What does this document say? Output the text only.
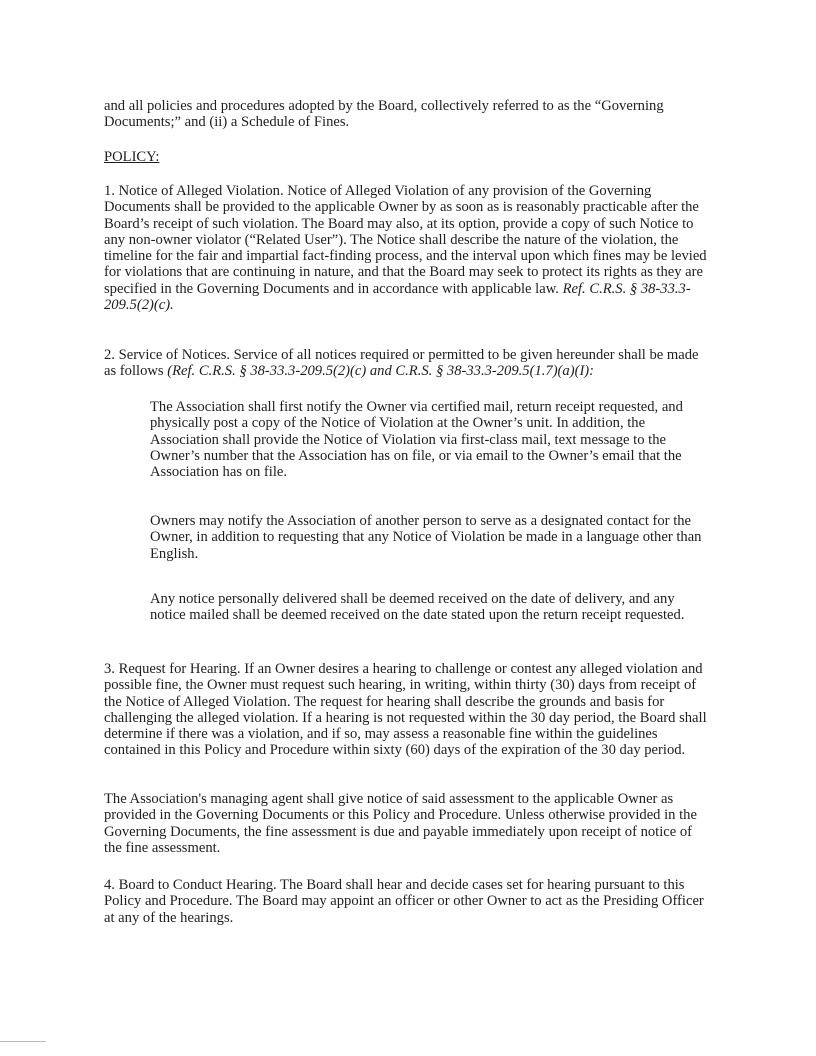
and all policies and procedures adopted by the Board, collectively referred to as the “Governing Documents;” and (ii) a Schedule of Fines.

POLICY:

1. Notice of Alleged Violation. Notice of Alleged Violation of any provision of the Governing Documents shall be provided to the applicable Owner by as soon as is reasonably practicable after the Board’s receipt of such violation. The Board may also, at its option, provide a copy of such Notice to any non-owner violator (“Related User”). The Notice shall describe the nature of the violation, the timeline for the fair and impartial fact-finding process, and the interval upon which fines may be levied for violations that are continuing in nature, and that the Board may seek to protect its rights as they are specified in the Governing Documents and in accordance with applicable law. Ref. C.R.S. § 38-33.3-209.5(2)(c).

2. Service of Notices. Service of all notices required or permitted to be given hereunder shall be made as follows (Ref. C.R.S. § 38-33.3-209.5(2)(c) and C.R.S. § 38-33.3-209.5(1.7)(a)(I):

The Association shall first notify the Owner via certified mail, return receipt requested, and physically post a copy of the Notice of Violation at the Owner’s unit. In addition, the Association shall provide the Notice of Violation via first-class mail, text message to the Owner’s number that the Association has on file, or via email to the Owner’s email that the Association has on file.

Owners may notify the Association of another person to serve as a designated contact for the Owner, in addition to requesting that any Notice of Violation be made in a language other than English.

Any notice personally delivered shall be deemed received on the date of delivery, and any notice mailed shall be deemed received on the date stated upon the return receipt requested.

3. Request for Hearing. If an Owner desires a hearing to challenge or contest any alleged violation and possible fine, the Owner must request such hearing, in writing, within thirty (30) days from receipt of the Notice of Alleged Violation. The request for hearing shall describe the grounds and basis for challenging the alleged violation. If a hearing is not requested within the 30 day period, the Board shall determine if there was a violation, and if so, may assess a reasonable fine within the guidelines contained in this Policy and Procedure within sixty (60) days of the expiration of the 30 day period.

The Association's managing agent shall give notice of said assessment to the applicable Owner as provided in the Governing Documents or this Policy and Procedure. Unless otherwise provided in the Governing Documents, the fine assessment is due and payable immediately upon receipt of notice of the fine assessment.

4. Board to Conduct Hearing. The Board shall hear and decide cases set for hearing pursuant to this Policy and Procedure. The Board may appoint an officer or other Owner to act as the Presiding Officer at any of the hearings.
